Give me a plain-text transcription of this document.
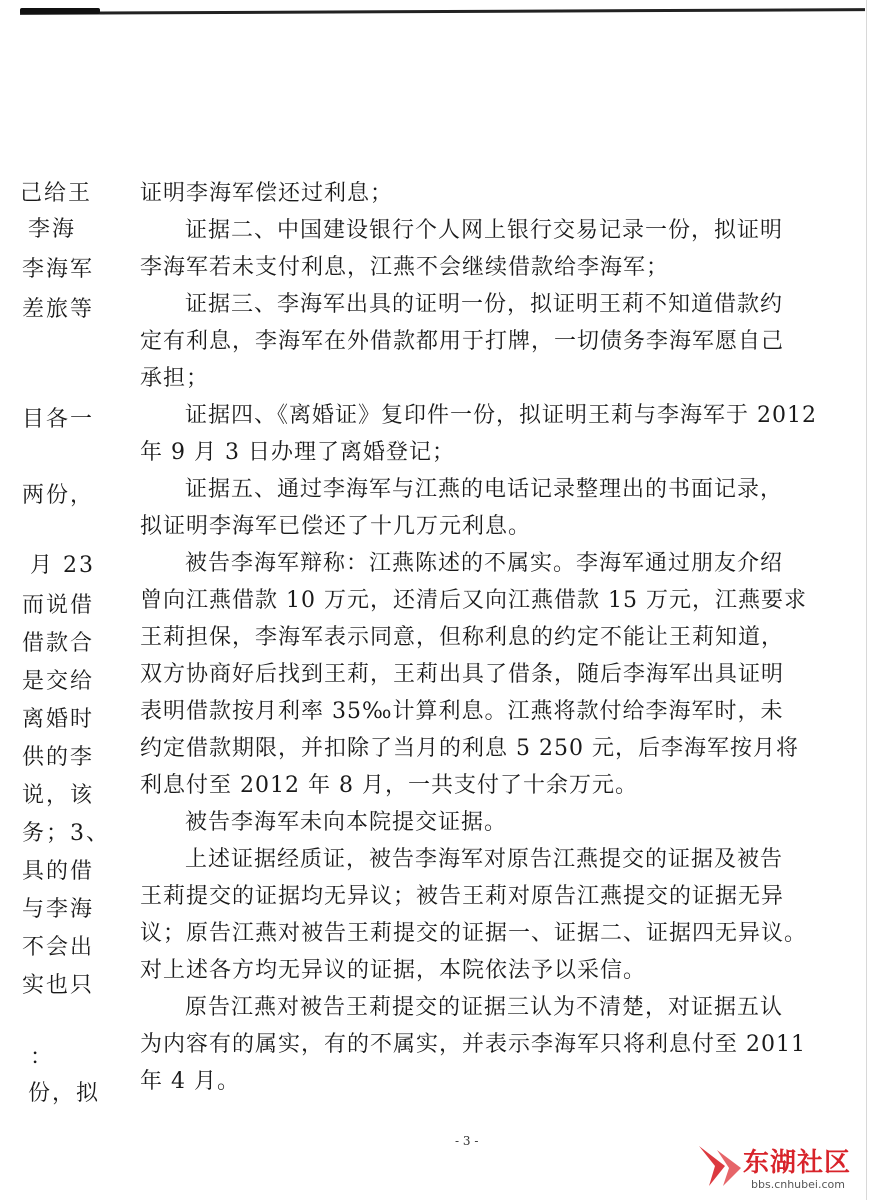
己给王
李海
李海军
差旅等
目各一
两份，
月 23
而说借
借款合
是交给
离婚时
供的李
说，该
务；3、
具的借
与李海
不会出
实也只
：
份，拟
证明李海军偿还过利息；
证据二、中国建设银行个人网上银行交易记录一份，拟证明
李海军若未支付利息，江燕不会继续借款给李海军；
证据三、李海军出具的证明一份，拟证明王莉不知道借款约
定有利息，李海军在外借款都用于打牌，一切债务李海军愿自己
承担；
证据四、《离婚证》复印件一份，拟证明王莉与李海军于 2012
年 9 月 3 日办理了离婚登记；
证据五、通过李海军与江燕的电话记录整理出的书面记录，
拟证明李海军已偿还了十几万元利息。
被告李海军辩称：江燕陈述的不属实。李海军通过朋友介绍
曾向江燕借款 10 万元，还清后又向江燕借款 15 万元，江燕要求
王莉担保，李海军表示同意，但称利息的约定不能让王莉知道，
双方协商好后找到王莉，王莉出具了借条，随后李海军出具证明
表明借款按月利率 35‰计算利息。江燕将款付给李海军时，未
约定借款期限，并扣除了当月的利息 5 250 元，后李海军按月将
利息付至 2012 年 8 月，一共支付了十余万元。
被告李海军未向本院提交证据。
上述证据经质证，被告李海军对原告江燕提交的证据及被告
王莉提交的证据均无异议；被告王莉对原告江燕提交的证据无异
议；原告江燕对被告王莉提交的证据一、证据二、证据四无异议。
对上述各方均无异议的证据，本院依法予以采信。
原告江燕对被告王莉提交的证据三认为不清楚，对证据五认
为内容有的属实，有的不属实，并表示李海军只将利息付至 2011
年 4 月。
- 3 -
东湖社区
bbs.cnhubei.com
